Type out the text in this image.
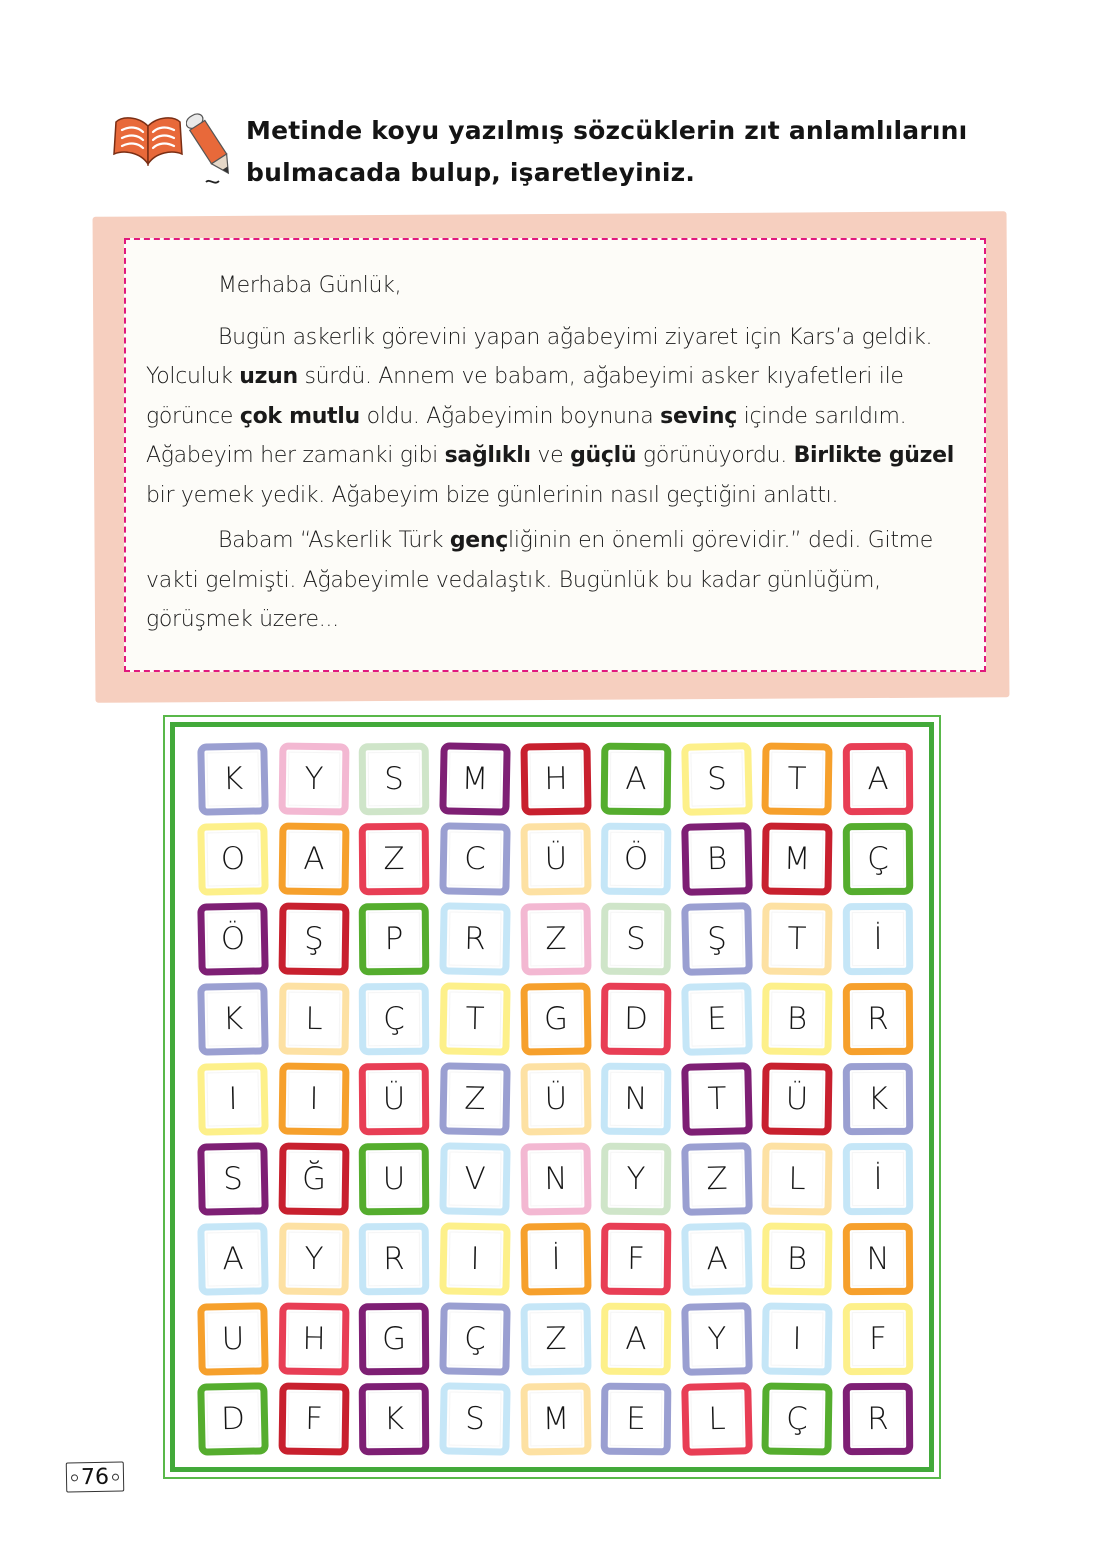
Metinde koyu yazılmış sözcüklerin zıt anlamlılarını
bulmacada bulup, işaretleyiniz.

Merhaba Günlük,

Bugün askerlik görevini yapan ağabeyimi ziyaret için Kars’a geldik.

Yolculuk uzun sürdü. Annem ve babam, ağabeyimi asker kıyafetleri ile

görünce çok mutlu oldu. Ağabeyimin boynuna sevinç içinde sarıldım.

Ağabeyim her zamanki gibi sağlıklı ve güçlü görünüyordu. Birlikte güzel

bir yemek yedik. Ağabeyim bize günlerinin nasıl geçtiğini anlattı.

Babam “Askerlik Türk gençliğinin en önemli görevidir.” dedi. Gitme

vakti gelmişti. Ağabeyimle vedalaştık. Bugünlük bu kadar günlüğüm,

görüşmek üzere...

K	Y	S	M	H	A	S	T	A
O	A	Z	C	Ü	Ö	B	M	Ç
Ö	Ş	P	R	Z	S	Ş	T	İ
K	L	Ç	T	G	D	E	B	R
I	I	Ü	Z	Ü	N	T	Ü	K
S	Ğ	U	V	N	Y	Z	L	İ
A	Y	R	I	İ	F	A	B	N
U	H	G	Ç	Z	A	Y	I	F
D	F	K	S	M	E	L	Ç	R
76
